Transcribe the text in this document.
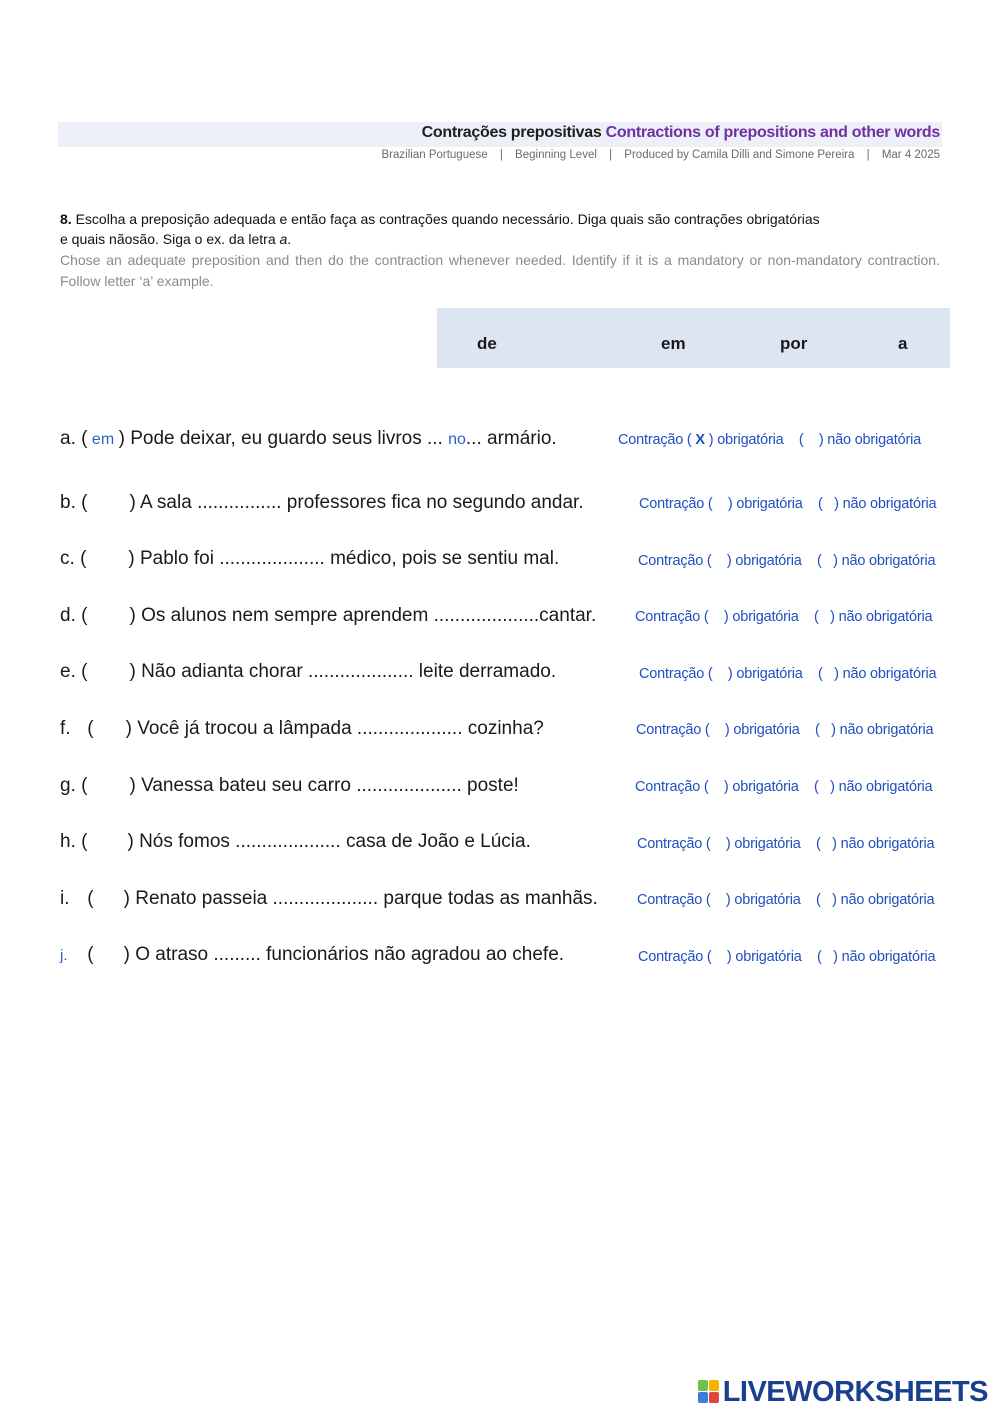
Contrações prepositivas Contractions of prepositions and other words
Brazilian Portuguese | Beginning Level | Produced by Camila Dilli and Simone Pereira | Mar 4 2025
8. Escolha a preposição adequada e então faça as contrações quando necessário. Diga quais são contrações obrigatórias
e quais nãosão. Siga o ex. da letra a.
Chose an adequate preposition and then do the contraction whenever needed. Identify if it is a mandatory or non-mandatory contraction. Follow letter ‘a’ example.
de	em	por	a
a. ( em ) Pode deixar, eu guardo seus livros ... no... armário.	Contração ( X ) obrigatória ( ) não obrigatória
b. ( ) A sala ................ professores fica no segundo andar.	Contração ( ) obrigatória ( ) não obrigatória
c. ( ) Pablo foi .................... médico, pois se sentiu mal.	Contração ( ) obrigatória ( ) não obrigatória
d. ( ) Os alunos nem sempre aprendem ....................cantar.	Contração ( ) obrigatória ( ) não obrigatória
e. ( ) Não adianta chorar .................... leite derramado.	Contração ( ) obrigatória ( ) não obrigatória
f. ( ) Você já trocou a lâmpada .................... cozinha?	Contração ( ) obrigatória ( ) não obrigatória
g. ( ) Vanessa bateu seu carro .................... poste!	Contração ( ) obrigatória ( ) não obrigatória
h. ( ) Nós fomos .................... casa de João e Lúcia.	Contração ( ) obrigatória ( ) não obrigatória
i. ( ) Renato passeia .................... parque todas as manhãs.	Contração ( ) obrigatória ( ) não obrigatória
j. ( ) O atraso ......... funcionários não agradou ao chefe.	Contração ( ) obrigatória ( ) não obrigatória
LIVEWORKSHEETS
